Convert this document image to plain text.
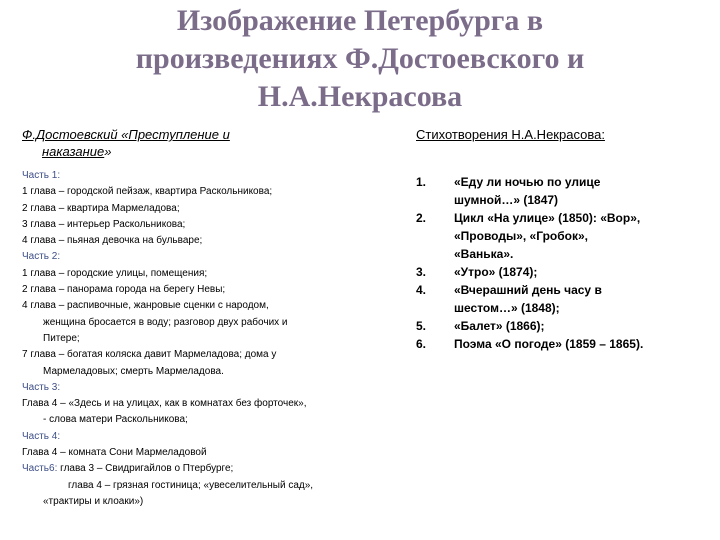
Изображение Петербурга в
произведениях Ф.Достоевского и
Н.А.Некрасова
Ф.Достоевский «Преступление и
наказание»
Часть 1:
1 глава – городской пейзаж, квартира Раскольникова;
2 глава – квартира Мармеладова;
3 глава – интерьер Раскольникова;
4 глава – пьяная девочка на бульваре;
Часть 2:
1 глава – городские улицы, помещения;
2 глава – панорама города на берегу Невы;
4 глава – распивочные, жанровые сценки с народом,
женщина бросается в воду; разговор двух рабочих и
Питере;
7 глава – богатая коляска давит Мармеладова; дома у
Мармеладовых; смерть Мармеладова.
Часть 3:
Глава 4 – «Здесь и на улицах, как в комнатах без форточек»,
- слова матери Раскольникова;
Часть 4:
Глава 4 – комната Сони Мармеладовой
Часть6: глава 3 – Свидригайлов о Птербурге;
глава 4 – грязная гостиница; «увеселительный сад»,
«трактиры и клоаки»)
Стихотворения Н.А.Некрасова:
1.	«Еду ли ночью по улице
шумной…» (1847)
2.	Цикл «На улице» (1850): «Вор»,
«Проводы», «Гробок»,
«Ванька».
3.	«Утро» (1874);
4.	«Вчерашний день часу в
шестом…» (1848);
5.	«Балет» (1866);
6.	Поэма «О погоде» (1859 – 1865).
